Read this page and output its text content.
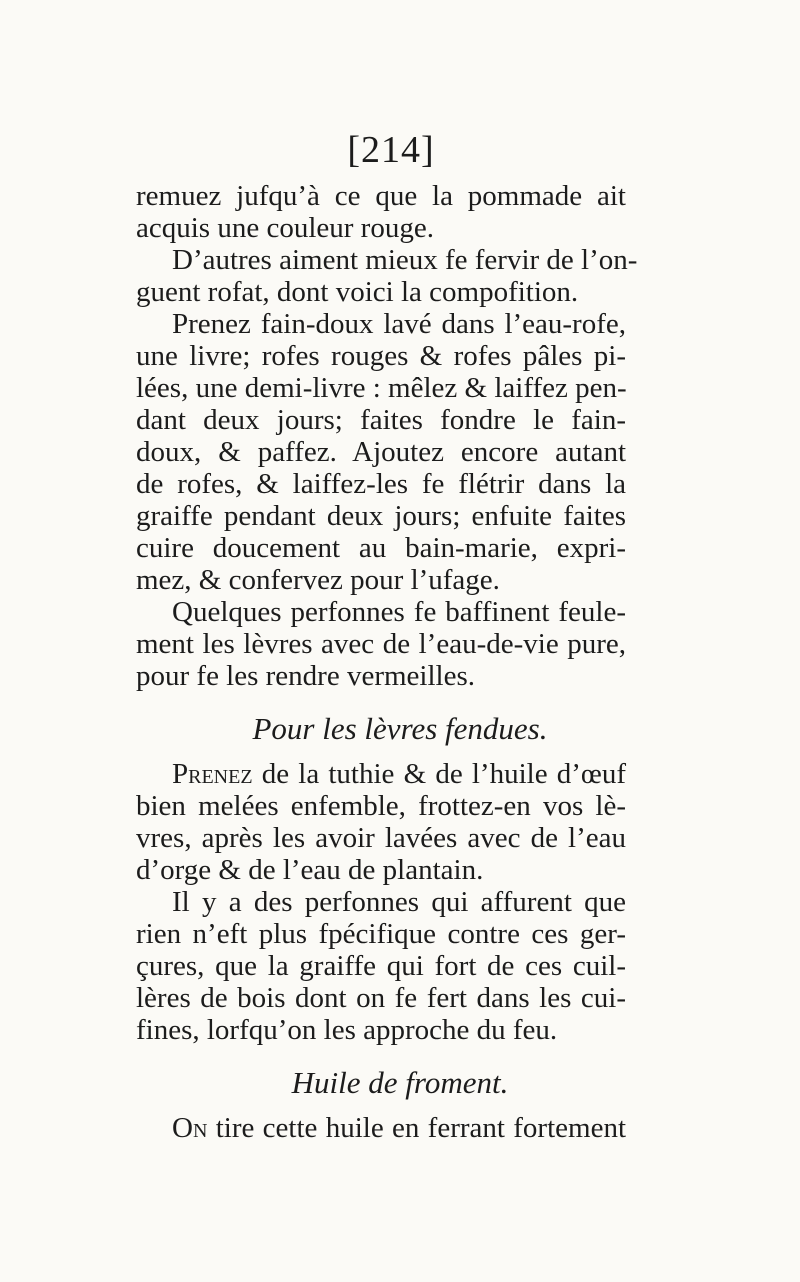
[214]
remuez jufqu’à ce que la pommade ait
acquis une couleur rouge.
D’autres aiment mieux fe fervir de l’on-
guent rofat, dont voici la compofition.
Prenez fain-doux lavé dans l’eau-rofe,
une livre; rofes rouges & rofes pâles pi-
lées, une demi-livre : mêlez & laiffez pen-
dant deux jours; faites fondre le fain-
doux, & paffez. Ajoutez encore autant
de rofes, & laiffez-les fe flétrir dans la
graiffe pendant deux jours; enfuite faites
cuire doucement au bain-marie, expri-
mez, & confervez pour l’ufage.
Quelques perfonnes fe baffinent feule-
ment les lèvres avec de l’eau-de-vie pure,
pour fe les rendre vermeilles.
Pour les lèvres fendues.
Prenez de la tuthie & de l’huile d’œuf
bien melées enfemble, frottez-en vos lè-
vres, après les avoir lavées avec de l’eau
d’orge & de l’eau de plantain.
Il y a des perfonnes qui affurent que
rien n’eft plus fpécifique contre ces ger-
çures, que la graiffe qui fort de ces cuil-
lères de bois dont on fe fert dans les cui-
fines, lorfqu’on les approche du feu.
Huile de froment.
On tire cette huile en ferrant fortement
